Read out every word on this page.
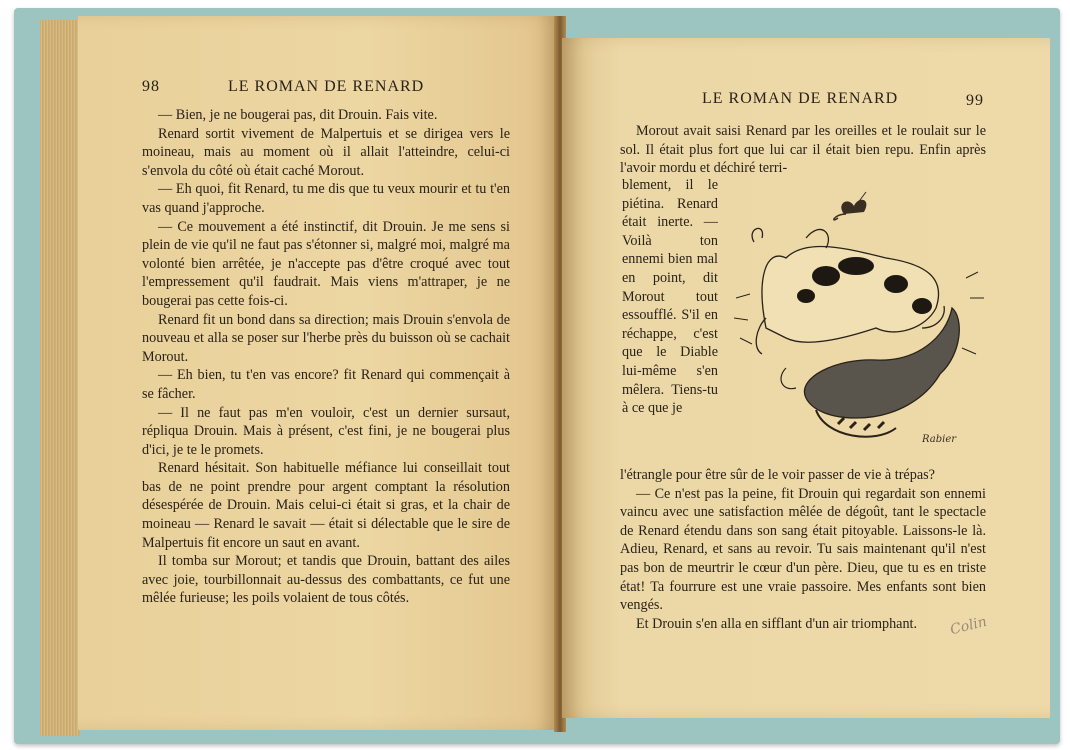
98	LE ROMAN DE RENARD

— Bien, je ne bougerai pas, dit Drouin. Fais vite.

Renard sortit vivement de Malpertuis et se dirigea vers le moineau, mais au moment où il allait l'atteindre, celui-ci s'envola du côté où était caché Morout.

— Eh quoi, fit Renard, tu me dis que tu veux mourir et tu t'en vas quand j'approche.

— Ce mouvement a été instinctif, dit Drouin. Je me sens si plein de vie qu'il ne faut pas s'étonner si, malgré moi, malgré ma volonté bien arrêtée, je n'accepte pas d'être croqué avec tout l'empressement qu'il faudrait. Mais viens m'attraper, je ne bougerai pas cette fois-ci.

Renard fit un bond dans sa direction; mais Drouin s'envola de nouveau et alla se poser sur l'herbe près du buisson où se cachait Morout.

— Eh bien, tu t'en vas encore? fit Renard qui commençait à se fâcher.

— Il ne faut pas m'en vouloir, c'est un dernier sursaut, répliqua Drouin. Mais à présent, c'est fini, je ne bougerai plus d'ici, je te le promets.

Renard hésitait. Son habituelle méfiance lui conseillait tout bas de ne point prendre pour argent comptant la résolution désespérée de Drouin. Mais celui-ci était si gras, et la chair de moineau — Renard le savait — était si délectable que le sire de Malpertuis fit encore un saut en avant.

Il tomba sur Morout; et tandis que Drouin, battant des ailes avec joie, tourbillonnait au-dessus des combattants, ce fut une mêlée furieuse; les poils volaient de tous côtés.

LE ROMAN DE RENARD	99

Morout avait saisi Renard par les oreilles et le roulait sur le sol. Il était plus fort que lui car il était bien repu. Enfin après l'avoir mordu et déchiré terri-

blement, il le piétina. Renard était inerte. —Voilà ton ennemi bien mal en point, dit Morout tout essoufflé. S'il en réchappe, c'est que le Diable lui-même s'en mêlera. Tiens-tu à ce que je

Rabier

l'étrangle pour être sûr de le voir passer de vie à trépas?

— Ce n'est pas la peine, fit Drouin qui regardait son ennemi vaincu avec une satisfaction mêlée de dégoût, tant le spectacle de Renard étendu dans son sang était pitoyable. Laissons-le là. Adieu, Renard, et sans au revoir. Tu sais maintenant qu'il n'est pas bon de meurtrir le cœur d'un père. Dieu, que tu es en triste état! Ta fourrure est une vraie passoire. Mes enfants sont bien vengés.

Et Drouin s'en alla en sifflant d'un air triomphant.	Colin
